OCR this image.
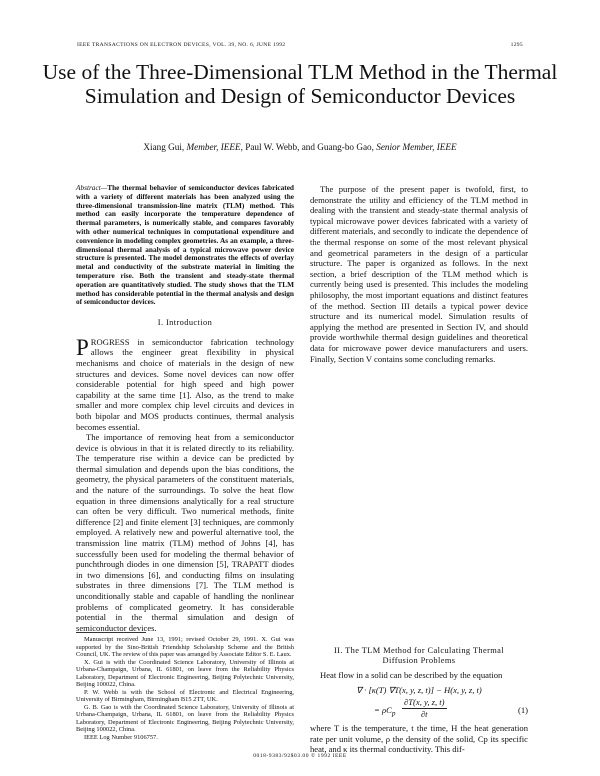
IEEE TRANSACTIONS ON ELECTRON DEVICES, VOL. 39, NO. 6, JUNE 1992	1295
Use of the Three-Dimensional TLM Method in the Thermal Simulation and Design of Semiconductor Devices
Xiang Gui, Member, IEEE, Paul W. Webb, and Guang-bo Gao, Senior Member, IEEE

Abstract—The thermal behavior of semiconductor devices fabricated with a variety of different materials has been analyzed using the three-dimensional transmission-line matrix (TLM) method. This method can easily incorporate the temperature dependence of thermal parameters, is numerically stable, and compares favorably with other numerical techniques in computational expenditure and convenience in modeling complex geometries. As an example, a three-dimensional thermal analysis of a typical microwave power device structure is presented. The model demonstrates the effects of overlay metal and conductivity of the substrate material in limiting the temperature rise. Both the transient and steady-state thermal operation are quantitatively studied. The study shows that the TLM method has considerable potential in the thermal analysis and design of semiconductor devices.

I. Introduction

PROGRESS in semiconductor fabrication technology allows the engineer great flexibility in physical mechanisms and choice of materials in the design of new structures and devices. Some novel devices can now offer considerable potential for high speed and high power capability at the same time [1]. Also, as the trend to make smaller and more complex chip level circuits and devices in both bipolar and MOS products continues, thermal analysis becomes essential.

The importance of removing heat from a semiconductor device is obvious in that it is related directly to its reliability. The temperature rise within a device can be predicted by thermal simulation and depends upon the bias conditions, the geometry, the physical parameters of the constituent materials, and the nature of the surroundings. To solve the heat flow equation in three dimensions analytically for a real structure can often be very difficult. Two numerical methods, finite difference [2] and finite element [3] techniques, are commonly employed. A relatively new and powerful alternative tool, the transmission line matrix (TLM) method of Johns [4], has successfully been used for modeling the thermal behavior of punchthrough diodes in one dimension [5], TRAPATT diodes in two dimensions [6], and conducting films on insulating substrates in three dimensions [7]. The TLM method is unconditionally stable and capable of handling the nonlinear problems of complicated geometry. It has considerable potential in the thermal simulation and design of semiconductor devices.

The purpose of the present paper is twofold, first, to demonstrate the utility and efficiency of the TLM method in dealing with the transient and steady-state thermal analysis of typical microwave power devices fabricated with a variety of different materials, and secondly to indicate the dependence of the thermal response on some of the most relevant physical and geometrical parameters in the design of a particular structure. The paper is organized as follows. In the next section, a brief description of the TLM method which is currently being used is presented. This includes the modeling philosophy, the most important equations and distinct features of the method. Section III details a typical power device structure and its numerical model. Simulation results of applying the method are presented in Section IV, and should provide worthwhile thermal design guidelines and theoretical data for microwave power device manufacturers and users. Finally, Section V contains some concluding remarks.

0018-9383/92$03.00 © 1992 IEEE

Manuscript received June 13, 1991; revised October 29, 1991. X. Gui was supported by the Sino-British Friendship Scholarship Scheme and the British Council, UK. The review of this paper was arranged by Associate Editor S. E. Laux.

X. Gui is with the Coordinated Science Laboratory, University of Illinois at Urbana-Champaign, Urbana, IL 61801, on leave from the Reliability Physics Laboratory, Department of Electronic Engineering, Beijing Polytechnic University, Beijing 100022, China.

P. W. Webb is with the School of Electronic and Electrical Engineering, University of Birmingham, Birmingham B15 2TT, UK.

G. B. Gao is with the Coordinated Science Laboratory, University of Illinois at Urbana-Champaign, Urbana, IL 61801, on leave from the Reliability Physics Laboratory, Department of Electronic Engineering, Beijing Polytechnic University, Beijing 100022, China.

IEEE Log Number 9106757.

II. The TLM Method for Calculating Thermal
Diffusion Problems

Heat flow in a solid can be described by the equation

∇ · [κ(T) ∇T(x, y, z, t)] − H(x, y, z, t)
= $\rho C_p \frac{\partial T(x, y, z, t)}{\partial t}$	(1)

where T is the temperature, t the time, H the heat generation rate per unit volume, ρ the density of the solid, Cp its specific heat, and κ its thermal conductivity. This dif-
